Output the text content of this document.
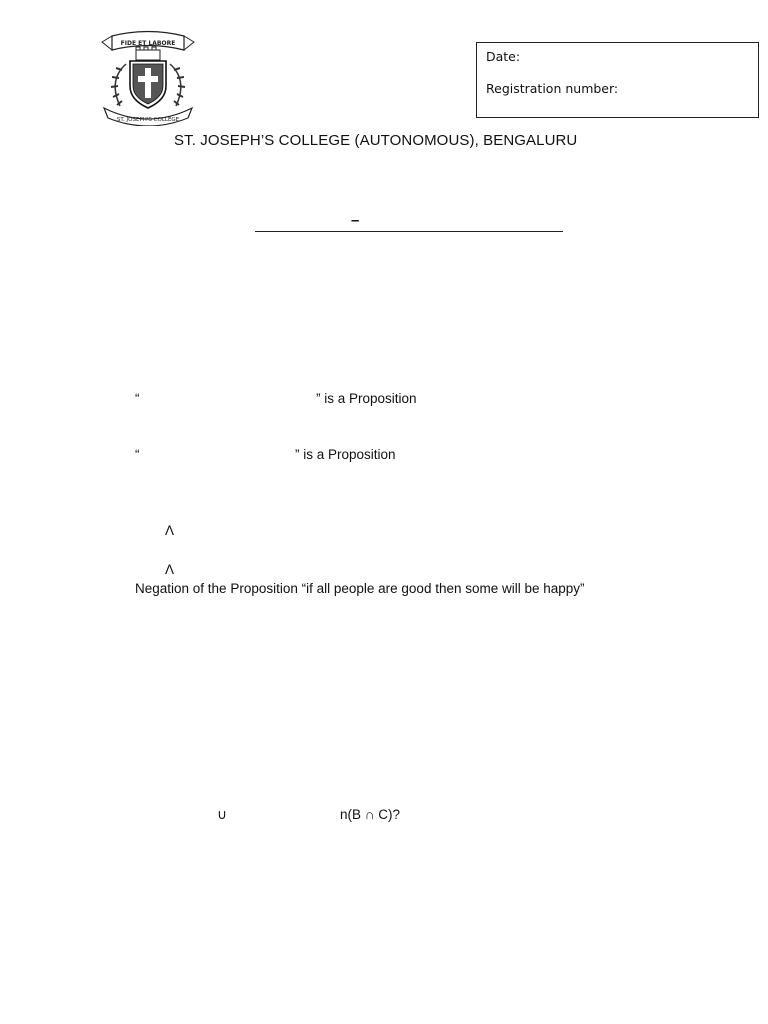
FIDE ET LABORE
ST. JOSEPH'S COLLEGE
Date:
Registration number:
ST. JOSEPH’S COLLEGE (AUTONOMOUS), BENGALURU
–
“	” is a Proposition
“	” is a Proposition
Λ
Λ
Negation of the Proposition “if all people are good then some will be happy”
∪	n(B ∩ C)?
